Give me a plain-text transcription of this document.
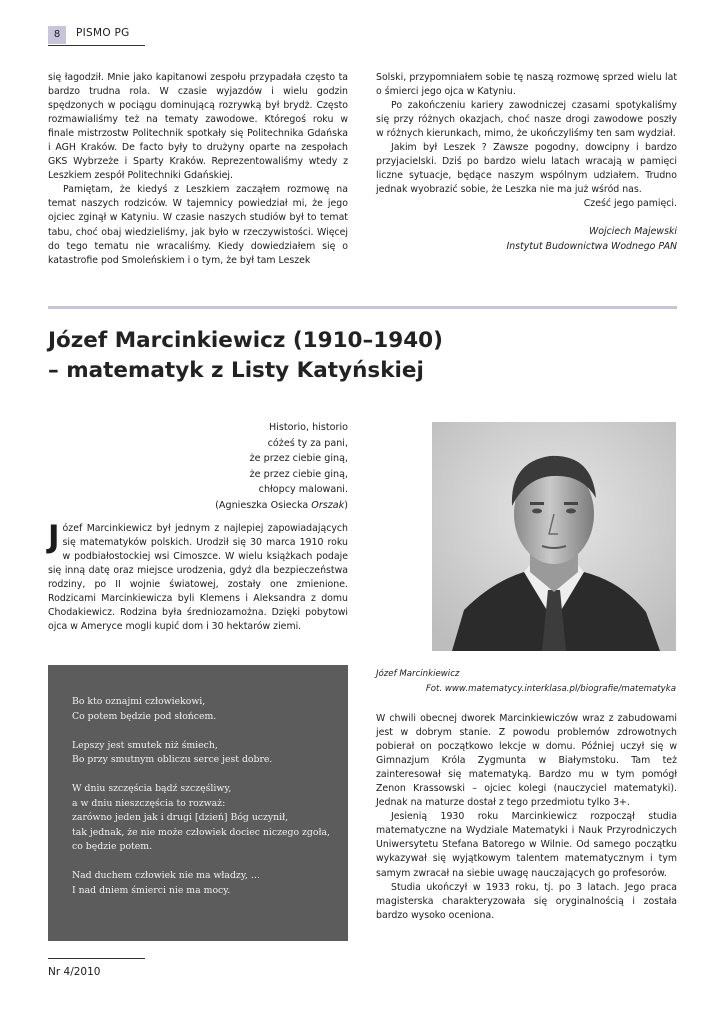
8	PISMO PG

się łagodził. Mnie jako kapitanowi zespołu przypadała często ta bardzo trudna rola. W czasie wyjazdów i wielu godzin spędzonych w pociągu dominującą rozrywką był brydż. Często rozmawialiśmy też na tematy zawodowe. Któregoś roku w finale mistrzostw Politechnik spotkały się Politechnika Gdańska i AGH Kraków. De facto były to drużyny oparte na zespołach GKS Wybrzeże i Sparty Kraków. Reprezentowaliśmy wtedy z Leszkiem zespół Politechniki Gdańskiej.

Pamiętam, że kiedyś z Leszkiem zacząłem rozmowę na temat naszych rodziców. W tajemnicy powiedział mi, że jego ojciec zginął w Katyniu. W czasie naszych studiów był to temat tabu, choć obaj wiedzieliśmy, jak było w rzeczywistości. Więcej do tego tematu nie wracaliśmy. Kiedy dowiedziałem się o katastrofie pod Smoleńskiem i o tym, że był tam Leszek

Solski, przypomniałem sobie tę naszą rozmowę sprzed wielu lat o śmierci jego ojca w Katyniu.

Po zakończeniu kariery zawodniczej czasami spotykaliśmy się przy różnych okazjach, choć nasze drogi zawodowe poszły w różnych kierunkach, mimo, że ukończyliśmy ten sam wydział.

Jakim był Leszek ? Zawsze pogodny, dowcipny i bardzo przyjacielski. Dziś po bardzo wielu latach wracają w pamięci liczne sytuacje, będące naszym wspólnym udziałem. Trudno jednak wyobrazić sobie, że Leszka nie ma już wśród nas.

Cześć jego pamięci.

Wojciech Majewski

Instytut Budownictwa Wodnego PAN

Józef Marcinkiewicz (1910–1940)
– matematyk z Listy Katyńskiej
Historio, historio
cóżeś ty za pani,
że przez ciebie giną,
że przez ciebie giną,
chłopcy malowani.
(Agnieszka Osiecka Orszak)

Józef Marcinkiewicz był jednym z najlepiej zapowiadających się matematyków polskich. Urodził się 30 marca 1910 roku w podbiałostockiej wsi Cimoszce. W wielu książkach podaje się inną datę oraz miejsce urodzenia, gdyż dla bezpieczeństwa rodziny, po II wojnie światowej, zostały one zmienione. Rodzicami Marcinkiewicza byli Klemens i Aleksandra z domu Chodakiewicz. Rodzina była średniozamożna. Dzięki pobytowi ojca w Ameryce mogli kupić dom i 30 hektarów ziemi.

Józef Marcinkiewicz
Fot. www.matematycy.interklasa.pl/biografie/matematyka
Bo kto oznajmi człowiekowi,
Co potem będzie pod słońcem.
Lepszy jest smutek niż śmiech,
Bo przy smutnym obliczu serce jest dobre.
W dniu szczęścia bądź szczęśliwy,
a w dniu nieszczęścia to rozważ:
zarówno jeden jak i drugi [dzień] Bóg uczynił,
tak jednak, że nie może człowiek dociec niczego zgoła,
co będzie potem.
Nad duchem człowiek nie ma władzy, …
I nad dniem śmierci nie ma mocy.

W chwili obecnej dworek Marcinkiewiczów wraz z zabudowami jest w dobrym stanie. Z powodu problemów zdrowotnych pobierał on początkowo lekcje w domu. Później uczył się w Gimnazjum Króla Zygmunta w Białymstoku. Tam też zainteresował się matematyką. Bardzo mu w tym pomógł Zenon Krassowski – ojciec kolegi (nauczyciel matematyki). Jednak na maturze dostał z tego przedmiotu tylko 3+.

Jesienią 1930 roku Marcinkiewicz rozpoczął studia matematyczne na Wydziale Matematyki i Nauk Przyrodniczych Uniwersytetu Stefana Batorego w Wilnie. Od samego początku wykazywał się wyjątkowym talentem matematycznym i tym samym zwracał na siebie uwagę nauczających go profesorów.

Studia ukończył w 1933 roku, tj. po 3 latach. Jego praca magisterska charakteryzowała się oryginalnością i została bardzo wysoko oceniona.

Nr 4/2010
